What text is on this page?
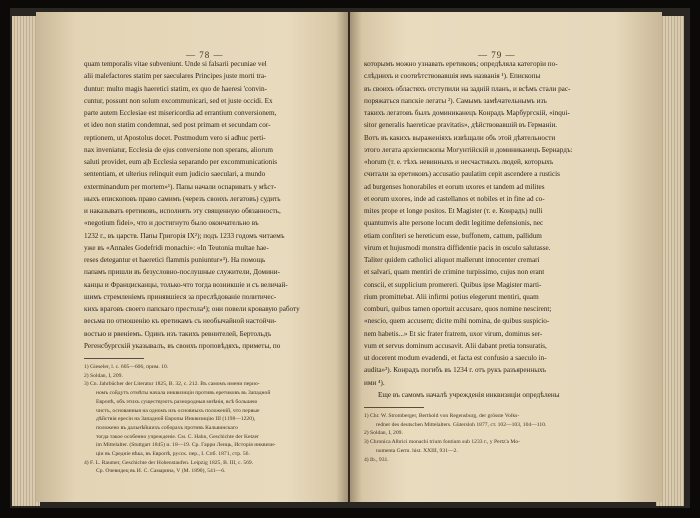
— 78 —

quam temporalis vitae subveniunt. Unde si falsarii pecuniae vel

alii malefactores statim per saeculares Principes juste morti tra-

duntur: multo magis haeretici statim, ex quo de haeresi 'convin-

cuntur, possunt non solum excommunicari, sed et juste occidi. Ex

parte autem Ecclesiae est misericordia ad errantium conversionem,

et ideo non statim condemnat, sed post primam et secundam cor-

reptionem, ut Apostolus docet. Postmodum vero si adhuc perti-

nax inveniatur, Ecclesia de ejus conversione non sperans, aliorum

saluti providet, eum a|b Ecclesia separando per excommunicationis

sententiam, et ulterius relinquit eum judicio saeculari, a mundo

exterminandum per mortem»¹). Папы начали оспаривать у мѣст-

ныхъ епископовъ право самимъ (черезъ своихъ легатовъ) судить

и наказывать еретиковъ, исполнять эту священную обязанность,

«negotium fidei», что и достигнуто было окончательно въ

1232 г., въ царств. Папы Григорія IX²); подъ 1233 годомъ читаемъ

уже въ «Annales Godefridi monachi»: «In Teutonia multae hae-

reses detegantur et haeretici flammis puniuntur»³). На помощь

папамъ пришли въ безусловно-послушные служители, Домини-

канцы и Францисканцы, только-что тогда возникшіе и съ величай-

шимъ стремленіемъ принявшіеся за преслѣдованіе политичес-

кихъ враговъ своего папскаго престола⁴); они повели кровавую работу

весьма по отношенію къ еретикамъ съ необычайной настойчи-

востью и рвеніемъ. Одинъ изъ такихъ ревнителей, Бертольдъ

Регенсбургскій указывалъ, въ своихъ проповѣдяхъ, приметы, по

1) Gieseler, l. c. 605—606, прим. 10.

2) Soldan, I, 209.

3) Cn. Jahrbücher der Literatur 1825, В. 32, с. 212. Въ самомъ имени перио-

номъ сойдутъ отмѣты начала инквизиціи противъ еретиковъ въ Западной

Европѣ, объ этихъ существуютъ разнородныя мнѣнія, всѣ большею

чистъ, основанныя на одномъ изъ основныхъ положеній, что первые

дѣйствія ересіи на Западной Европы Инквизицію III (1198—1220),

положено въ дальнѣйшихъ соборахъ противъ Кальвинскаго

тогда такое особенно учрежденіе. См. C. Hahn, Geschichte der Ketzer

im Mittelalter. (Stuttgart 1845) и. 18—19. Ср. Гарри Леиць, Исторія инквизи-

ціи въ Средніе вѣка, въ Европѣ, русск. пер., I. Спб. 1871, стр. 56.

4) F. L. Raumer, Geschichte der Hohenstaufen. Leipzig 1825, В. III, с. 569.

Ср. Очевидец въ И. С. Самарина, V (М. 1890), 541—6.

— 79 —

которымъ можно узнавать еретиковъ; опредѣляла категоріи по-

слѣднихъ и соотвѣтствовавшія имъ названія ¹). Епископы

въ своихъ областяхъ отступили на задній планъ, и всѣмъ стали рас-

поряжаться папскіе легаты ²). Самымъ замѣчательнымъ изъ

такихъ легатовъ былъ доминиканецъ Конрадъ Марбургскій, «inqui-

sitor generalis haereticae pravitatis», дѣйствовавшій въ Германіи.

Вотъ въ какихъ выраженіяхъ извѣщали объ этой дѣятельности

этого легата архіепископы Могунтійскій и доминиканецъ Бернардъ:

«horum (т. е. тѣхъ невинныхъ и несчастныхъ людей, которыхъ

считали за еретиковъ) accusatio paulatim cepit ascendere a rusticis

ad burgenses honorabiles et eorum uxores et tandem ad milites

et eorum uxores, inde ad castellanos et nobiles et in fine ad co-

mites prope et longe positos. Et Magister (т. е. Конрадъ) nulli

quantumvis alte persone locum dedit legitime defensionis, nec

etiam confiteri se hereticum esse, buffonem, cattum, pallidum

virum et hujusmodi monstra diffidentie pacis in osculo salutasse.

Taliter quidem catholici aliquot mallerunt innocenter cremari

et salvari, quam mentiri de crimine turpissimo, cujus non erant

conscii, et supplicium promereri. Quibus ipse Magister marti-

rium promittebat. Alii infirmi potius elegerunt mentiri, quam

comburi, quibus tamen oportuit accusare, quos nomine nescirent;

«nescio, quem accusem; dicite mihi nomina, de quibus suspicio-

nem habetis...» Et sic frater fratrem, uxor virum, dominus ser-

vum et servus dominum accusavit. Alii dabant pretia tonsuratis,

ut docerent modum evadendi, et facta est confusio a saeculo in-

audita»³). Конрадъ погибъ въ 1234 г. отъ рукъ разъяренныхъ

ими ⁴).

Еще въ самомъ началѣ учрежденія инквизиціи опредѣлены

1) Chr. W. Stromberger, Berthold von Regensburg, der grösste Volks-

redner des deutschen Mittelalters. Gütersloh 1877, ст. 102—103, 104—110.

2) Soldan, I, 209.

3) Chronica Albrici monachi trium fontium sub 1233 г., у Pertz'a Mo-

numenta Germ. hist. XXIII, 931—2.

4) Ib., 931.
